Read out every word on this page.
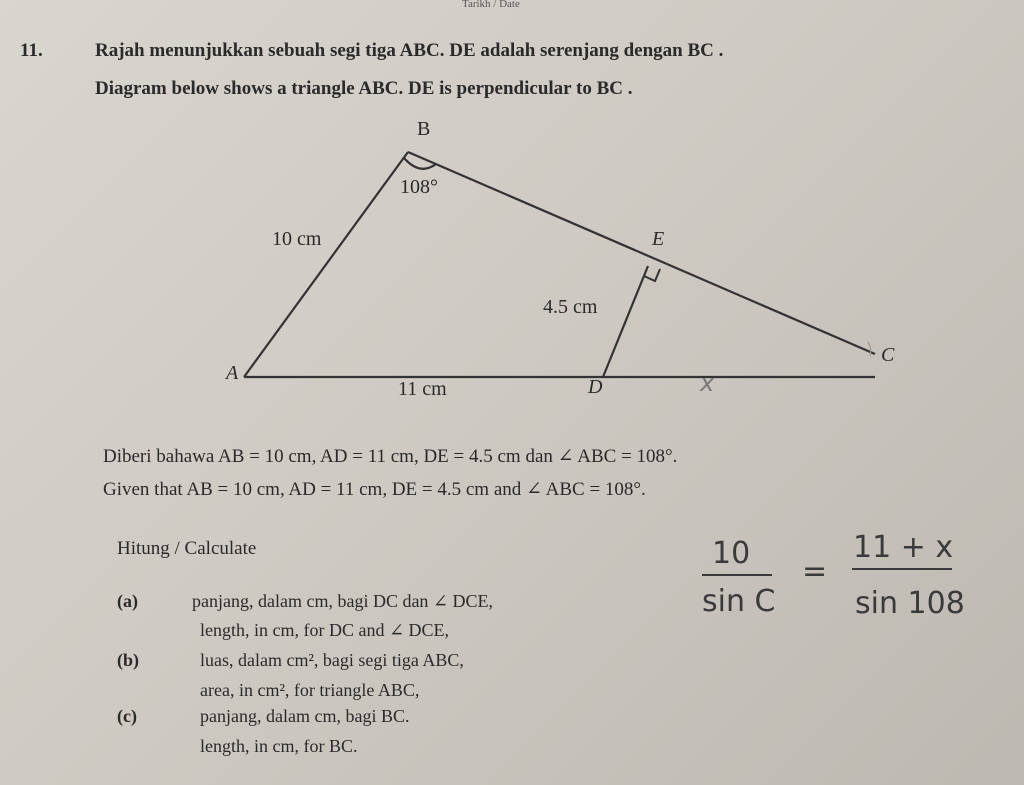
Tarikh / Date
11.	Rajah menunjukkan sebuah segi tiga ABC. DE adalah serenjang dengan BC .
Diagram below shows a triangle ABC. DE is perpendicular to BC .
B
108°
10 cm	E
4.5 cm
C
A
11 cm	D	x
Diberi bahawa AB = 10 cm, AD = 11 cm, DE = 4.5 cm dan ∠ ABC = 108°.
Given that AB = 10 cm, AD = 11 cm, DE = 4.5 cm and ∠ ABC = 108°.
Hitung / Calculate
(a)	panjang, dalam cm, bagi DC dan ∠ DCE,
length, in cm, for DC and ∠ DCE,
(b)	luas, dalam cm², bagi segi tiga ABC,
area, in cm², for triangle ABC,
(c)	panjang, dalam cm, bagi BC.
length, in cm, for BC.
10
sin C
=
11 + x
sin 108
